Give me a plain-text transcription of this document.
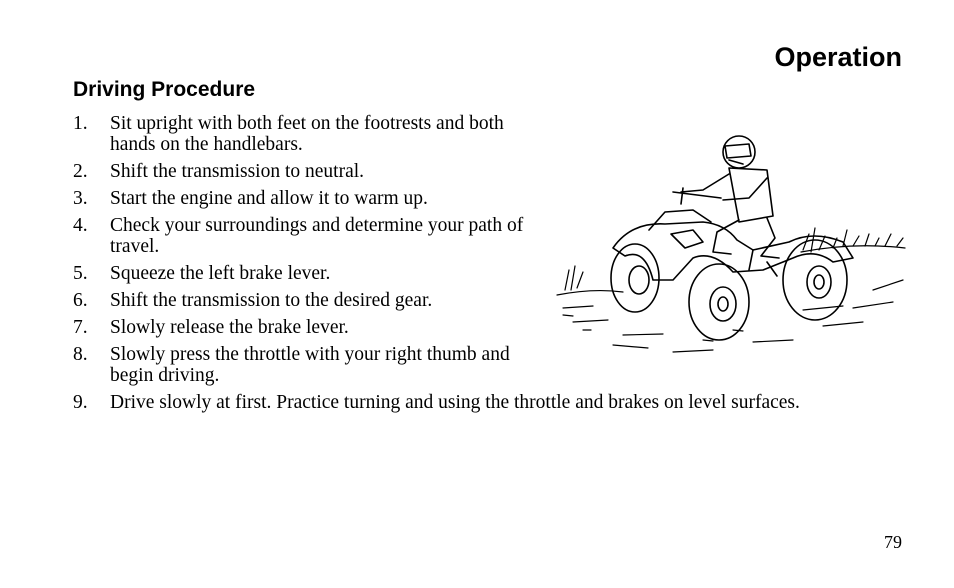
Operation
Driving Procedure
1. Sit upright with both feet on the footrests and both hands on the handlebars.
2. Shift the transmission to neutral.
3. Start the engine and allow it to warm up.
4. Check your surroundings and determine your path of travel.
5. Squeeze the left brake lever.
6. Shift the transmission to the desired gear.
7. Slowly release the brake lever.
8. Slowly press the throttle with your right thumb and begin driving.
9. Drive slowly at first. Practice turning and using the throttle and brakes on level surfaces.
79
